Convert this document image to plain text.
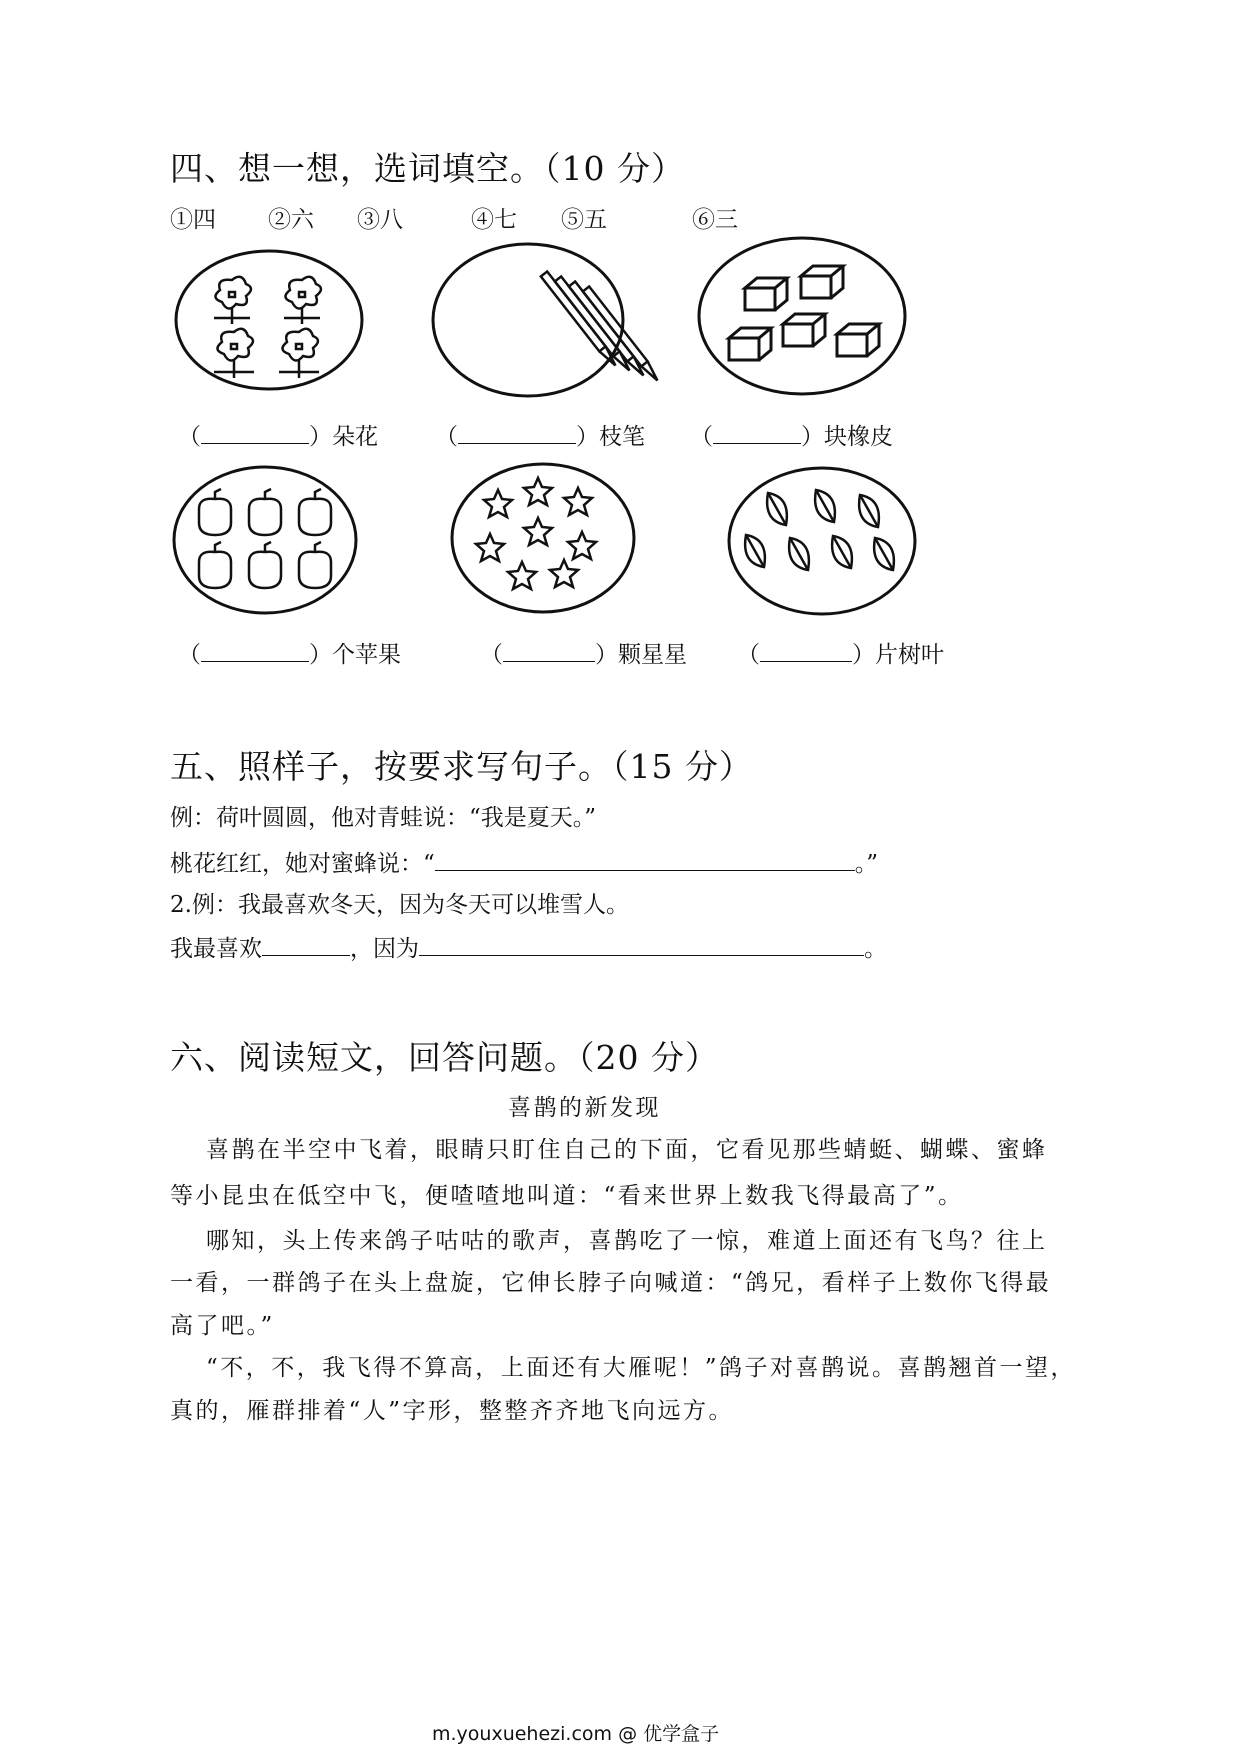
四、想一想，选词填空。（10 分）
①四 ②六 ③八	④七 ⑤五	⑥三
（	）朵花 （	）枝笔 （	）块橡皮
（	）个苹果	（	）颗星星 （	）片树叶
五、照样子，按要求写句子。（15 分）
例：荷叶圆圆，他对青蛙说：“我是夏天。”
桃花红红，她对蜜蜂说：“	。”
2.例：我最喜欢冬天，因为冬天可以堆雪人。
我最喜欢	，因为	。
六、阅读短文，回答问题。（20 分）
喜鹊的新发现
喜鹊在半空中飞着，眼睛只盯住自己的下面，它看见那些蜻蜓、蝴蝶、蜜蜂
等小昆虫在低空中飞，便喳喳地叫道：“看来世界上数我飞得最高了”。
哪知，头上传来鸽子咕咕的歌声，喜鹊吃了一惊，难道上面还有飞鸟？往上
一看，一群鸽子在头上盘旋，它伸长脖子向喊道：“鸽兄，看样子上数你飞得最
高了吧。”
“不，不，我飞得不算高，上面还有大雁呢！”鸽子对喜鹊说。喜鹊翘首一望，
真的，雁群排着“人”字形，整整齐齐地飞向远方。
m.youxuehezi.com @ 优学盒子
